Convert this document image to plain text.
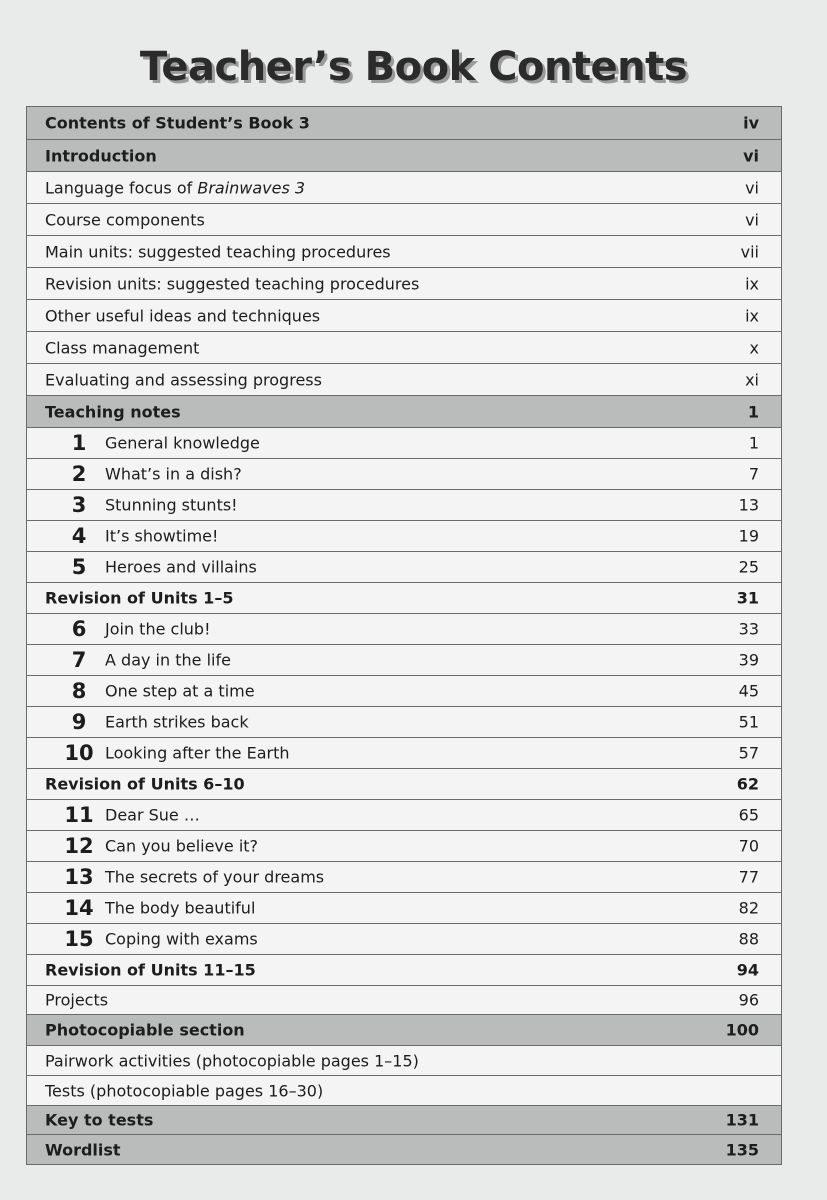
Teacher’s Book Contents
Contents of Student’s Book 3	iv
Introduction	vi
Language focus of Brainwaves 3	vi
Course components	vi
Main units: suggested teaching procedures	vii
Revision units: suggested teaching procedures	ix
Other useful ideas and techniques	ix
Class management	x
Evaluating and assessing progress	xi
Teaching notes	1
1	General knowledge	1
2	What’s in a dish?	7
3	Stunning stunts!	13
4	It’s showtime!	19
5	Heroes and villains	25
Revision of Units 1–5	31
6	Join the club!	33
7	A day in the life	39
8	One step at a time	45
9	Earth strikes back	51
10 Looking after the Earth	57
Revision of Units 6–10	62
11 Dear Sue …	65
12 Can you believe it?	70
13 The secrets of your dreams	77
14 The body beautiful	82
15 Coping with exams	88
Revision of Units 11–15	94
Projects	96
Photocopiable section	100
Pairwork activities (photocopiable pages 1–15)
Tests (photocopiable pages 16–30)
Key to tests	131
Wordlist	135
